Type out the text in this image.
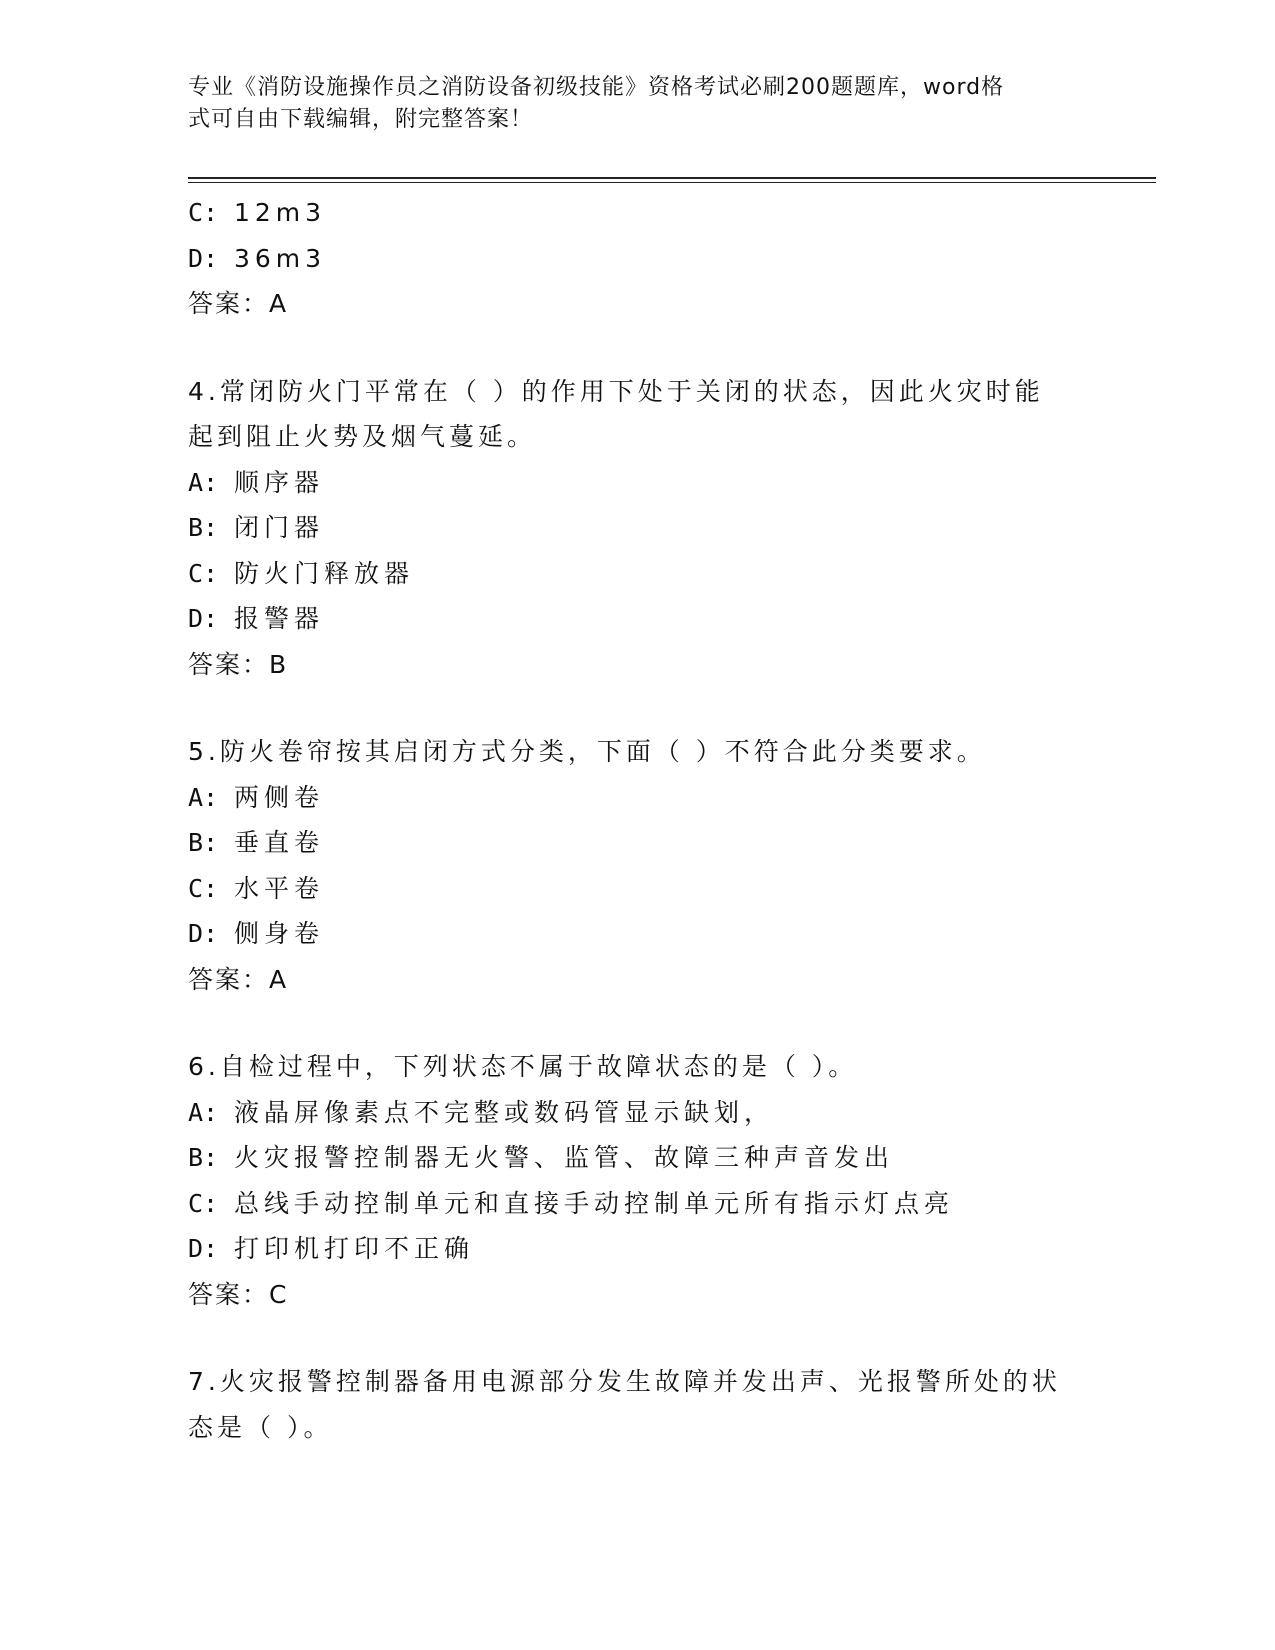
专业《消防设施操作员之消防设备初级技能》资格考试必刷200题题库，word格
式可自由下载编辑，附完整答案！
C: 12m3
D: 36m3
答案：A
4.常闭防火门平常在（ ）的作用下处于关闭的状态，因此火灾时能
起到阻止火势及烟气蔓延。
A: 顺序器
B: 闭门器
C: 防火门释放器
D: 报警器
答案：B
5.防火卷帘按其启闭方式分类，下面（ ）不符合此分类要求。
A: 两侧卷
B: 垂直卷
C: 水平卷
D: 侧身卷
答案：A
6.自检过程中，下列状态不属于故障状态的是（ ）。
A: 液晶屏像素点不完整或数码管显示缺划，
B: 火灾报警控制器无火警、监管、故障三种声音发出
C: 总线手动控制单元和直接手动控制单元所有指示灯点亮
D: 打印机打印不正确
答案：C
7.火灾报警控制器备用电源部分发生故障并发出声、光报警所处的状
态是（ ）。
